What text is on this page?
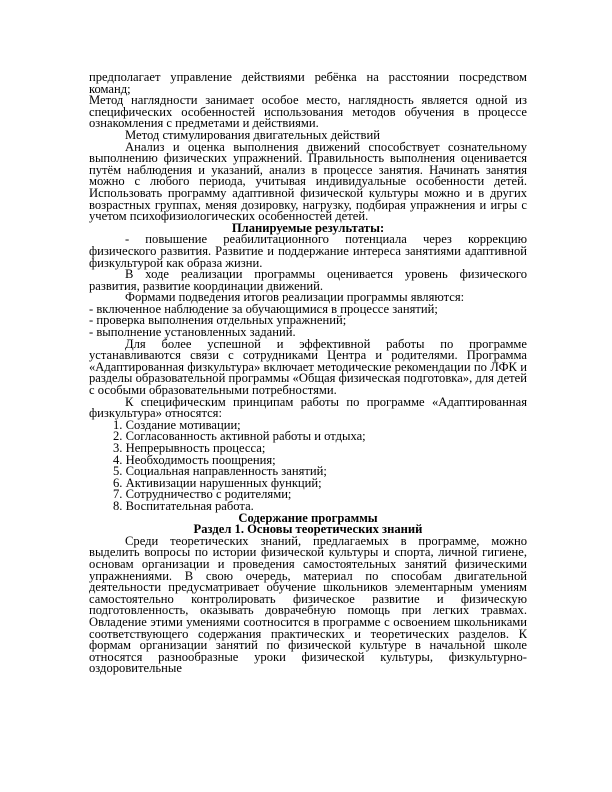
предполагает управление действиями ребёнка на расстоянии посредством команд;

Метод наглядности занимает особое место, наглядность является одной из специфических особенностей использования методов обучения в процессе ознакомления с предметами и действиями.

Метод стимулирования двигательных действий

Анализ и оценка выполнения движений способствует сознательному выполнению физических упражнений. Правильность выполнения оценивается путём наблюдения и указаний, анализ в процессе занятия. Начинать занятия можно с любого периода, учитывая индивидуальные особенности детей. Использовать программу адаптивной физической культуры можно и в других возрастных группах, меняя дозировку, нагрузку, подбирая упражнения и игры с учетом психофизиологических особенностей детей.

Планируемые результаты:

- повышение реабилитационного потенциала через коррекцию физического развития. Развитие и поддержание интереса занятиями адаптивной физкультурой как образа жизни.

В ходе реализации программы оценивается уровень физического развития, развитие координации движений.

Формами подведения итогов реализации программы являются:

- включенное наблюдение за обучающимися в процессе занятий;

- проверка выполнения отдельных упражнений;

- выполнение установленных заданий.

Для более успешной и эффективной работы по программе устанавливаются связи с сотрудниками Центра и родителями. Программа «Адаптированная физкультура» включает методические рекомендации по ЛФК и разделы образовательной программы «Общая физическая подготовка», для детей с особыми образовательными потребностями.

К специфическим принципам работы по программе «Адаптированная физкультура» относятся:

1. Создание мотивации;

2. Согласованность активной работы и отдыха;

3. Непрерывность процесса;

4. Необходимость поощрения;

5. Социальная направленность занятий;

6. Активизации нарушенных функций;

7. Сотрудничество с родителями;

8. Воспитательная работа.

Содержание программы

Раздел 1. Основы теоретических знаний

Среди теоретических знаний, предлагаемых в программе, можно выделить вопросы по истории физической культуры и спорта, личной гигиене, основам организации и проведения самостоятельных занятий физическими упражнениями. В свою очередь, материал по способам двигательной деятельности предусматривает обучение школьников элементарным умениям самостоятельно контролировать физическое развитие и физическую подготовленность, оказывать доврачебную помощь при легких травмах. Овладение этими умениями соотносится в программе с освоением школьниками соответствующего содержания практических и теоретических разделов. К формам организации занятий по физической культуре в начальной школе относятся разнообразные уроки физической культуры, физкультурно-оздоровительные
